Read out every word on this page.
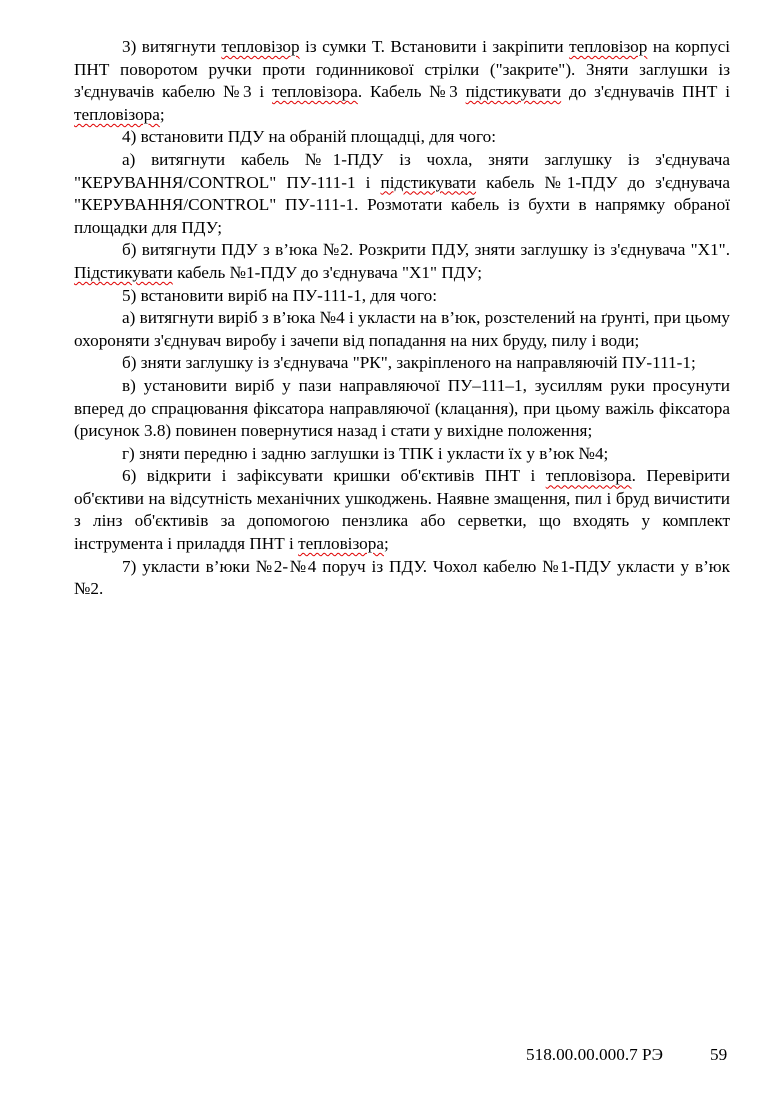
3) витягнути тепловізор із сумки Т. Встановити і закріпити тепловізор на корпусі ПНТ поворотом ручки проти годинникової стрілки ("закрите"). Зняти заглушки із з'єднувачів кабелю №3 і тепловізора. Кабель №3 підстикувати до з'єднувачів ПНТ і тепловізора;

4) встановити ПДУ на обраній площадці, для чого:

а) витягнути кабель №1-ПДУ із чохла, зняти заглушку із з'єднувача "КЕРУВАННЯ/CONTROL" ПУ-111-1 і підстикувати кабель №1-ПДУ до з'єднувача "КЕРУВАННЯ/CONTROL" ПУ-111-1. Розмотати кабель із бухти в напрямку обраної площадки для ПДУ;

б) витягнути ПДУ з в’юка №2. Розкрити ПДУ, зняти заглушку із з'єднувача "Х1". Підстикувати кабель №1-ПДУ до з'єднувача "Х1" ПДУ;

5) встановити виріб на ПУ-111-1, для чого:

а) витягнути виріб з в’юка №4 і укласти на в’юк, розстелений на ґрунті, при цьому охороняти з'єднувач виробу і зачепи від попадання на них бруду, пилу і води;

б) зняти заглушку із з'єднувача "РК", закріпленого на направляючій ПУ-111-1;

в) установити виріб у пази направляючої ПУ–111–1, зусиллям руки просунути вперед до спрацювання фіксатора направляючої (клацання), при цьому важіль фіксатора (рисунок 3.8) повинен повернутися назад і стати у вихідне положення;

г) зняти передню і задню заглушки із ТПК і укласти їх у в’юк №4;

6) відкрити і зафіксувати кришки об'єктивів ПНТ і тепловізора. Перевірити об'єктиви на відсутність механічних ушкоджень. Наявне змащення, пил і бруд вичистити з лінз об'єктивів за допомогою пензлика або серветки, що входять у комплект інструмента і приладдя ПНТ і тепловізора;

7) укласти в’юки №2-№4 поруч із ПДУ. Чохол кабелю №1-ПДУ укласти у в’юк №2.

518.00.00.000.7 РЭ	59
